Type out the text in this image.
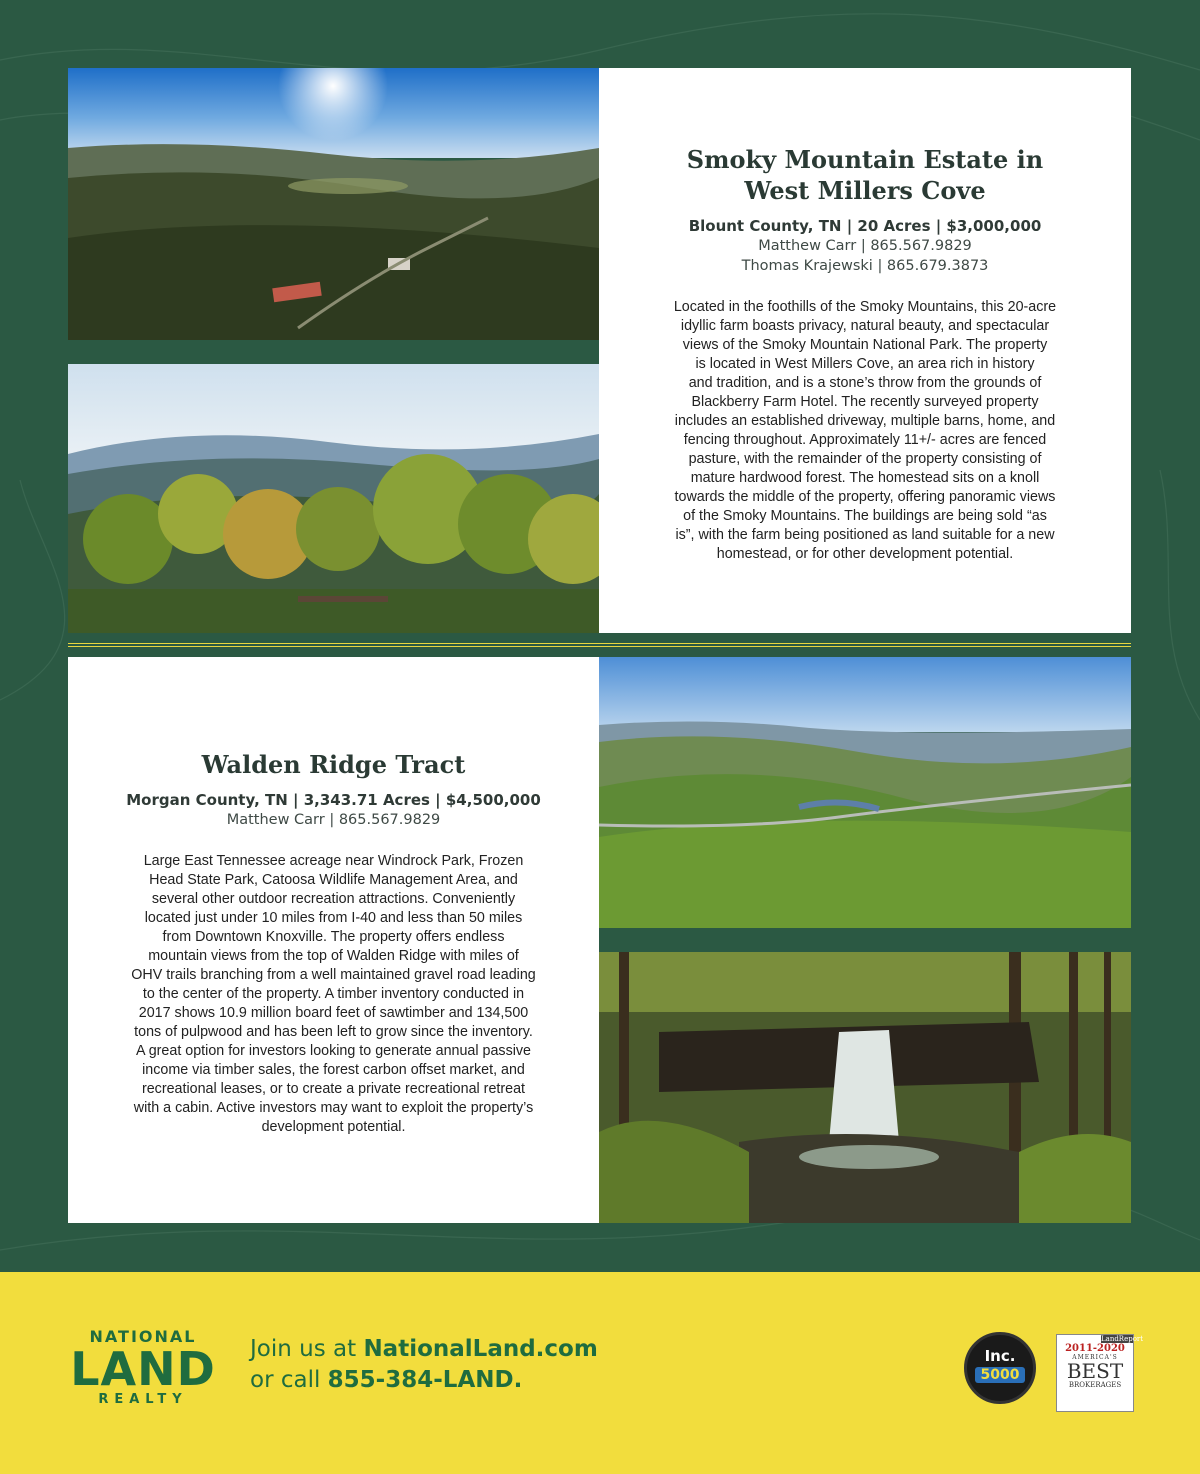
Smoky Mountain Estate in
West Millers Cove
Blount County, TN | 20 Acres | $3,000,000
Matthew Carr | 865.567.9829
Thomas Krajewski | 865.679.3873
Located in the foothills of the Smoky Mountains, this 20-acre
idyllic farm boasts privacy, natural beauty, and spectacular
views of the Smoky Mountain National Park. The property
is located in West Millers Cove, an area rich in history
and tradition, and is a stone’s throw from the grounds of
Blackberry Farm Hotel. The recently surveyed property
includes an established driveway, multiple barns, home, and
fencing throughout. Approximately 11+/- acres are fenced
pasture, with the remainder of the property consisting of
mature hardwood forest. The homestead sits on a knoll
towards the middle of the property, offering panoramic views
of the Smoky Mountains. The buildings are being sold “as
is”, with the farm being positioned as land suitable for a new
homestead, or for other development potential.
Walden Ridge Tract
Morgan County, TN | 3,343.71 Acres | $4,500,000
Matthew Carr | 865.567.9829
Large East Tennessee acreage near Windrock Park, Frozen
Head State Park, Catoosa Wildlife Management Area, and
several other outdoor recreation attractions. Conveniently
located just under 10 miles from I-40 and less than 50 miles
from Downtown Knoxville. The property offers endless
mountain views from the top of Walden Ridge with miles of
OHV trails branching from a well maintained gravel road leading
to the center of the property. A timber inventory conducted in
2017 shows 10.9 million board feet of sawtimber and 134,500
tons of pulpwood and has been left to grow since the inventory.
A great option for investors looking to generate annual passive
income via timber sales, the forest carbon offset market, and
recreational leases, or to create a private recreational retreat
with a cabin. Active investors may want to exploit the property’s
development potential.
NATIONAL
LAND
REALTY
Join us at NationalLand.com
or call 855-384-LAND.
Inc.
5000
LandReport
2011-2020
AMERICA'S
BEST
BROKERAGES
